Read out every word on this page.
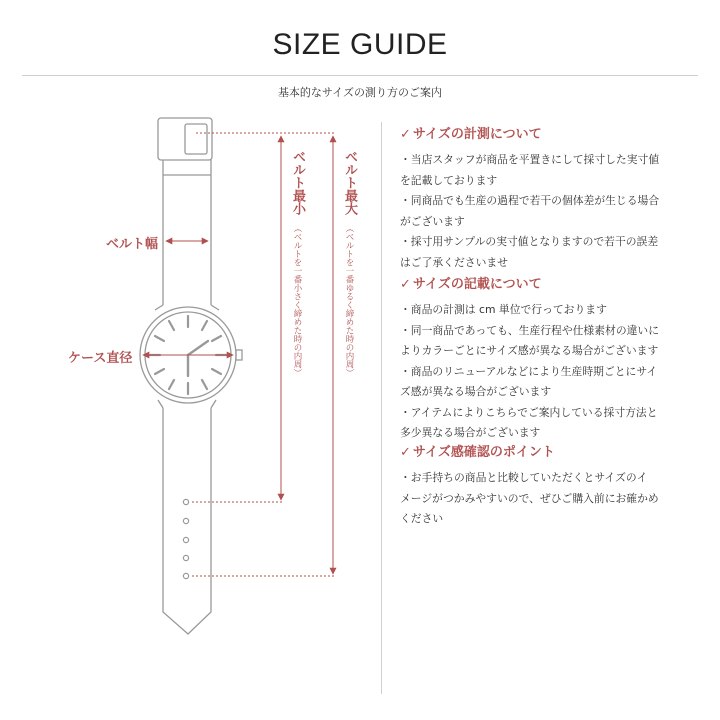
SIZE GUIDE
基本的なサイズの測り方のご案内
ベルト幅
ケース直径
ベルト最小 （ベルトを一番小さく締めた時の内周）
ベルト最大 （ベルトを一番ゆるく締めた時の内周）
✓ サイズの計測について
・当店スタッフが商品を平置きにして採寸した実寸値
を記載しております
・同商品でも生産の過程で若干の個体差が生じる場合
がございます
・採寸用サンプルの実寸値となりますので若干の誤差
はご了承くださいませ
✓ サイズの記載について
・商品の計測は cm 単位で行っております
・同一商品であっても、生産行程や仕様素材の違いに
よりカラーごとにサイズ感が異なる場合がございます
・商品のリニューアルなどにより生産時期ごとにサイ
ズ感が異なる場合がございます
・アイテムによりこちらでご案内している採寸方法と
多少異なる場合がございます
✓ サイズ感確認のポイント
・お手持ちの商品と比較していただくとサイズのイ
メージがつかみやすいので、ぜひご購入前にお確かめ
ください
